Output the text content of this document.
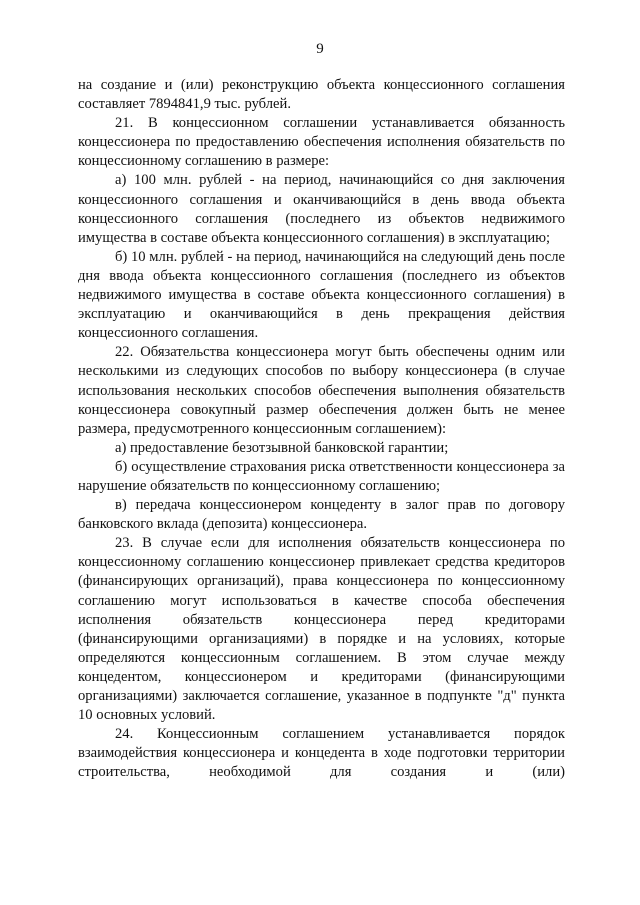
9

на создание и (или) реконструкцию объекта концессионного соглашения составляет 7894841,9 тыс. рублей.

21. В концессионном соглашении устанавливается обязанность концессионера по предоставлению обеспечения исполнения обязательств по концессионному соглашению в размере:

а) 100 млн. рублей - на период, начинающийся со дня заключения концессионного соглашения и оканчивающийся в день ввода объекта концессионного соглашения (последнего из объектов недвижимого имущества в составе объекта концессионного соглашения) в эксплуатацию;

б) 10 млн. рублей - на период, начинающийся на следующий день после дня ввода объекта концессионного соглашения (последнего из объектов недвижимого имущества в составе объекта концессионного соглашения) в эксплуатацию и оканчивающийся в день прекращения действия концессионного соглашения.

22. Обязательства концессионера могут быть обеспечены одним или несколькими из следующих способов по выбору концессионера (в случае использования нескольких способов обеспечения выполнения обязательств концессионера совокупный размер обеспечения должен быть не менее размера, предусмотренного концессионным соглашением):

а) предоставление безотзывной банковской гарантии;

б) осуществление страхования риска ответственности концессионера за нарушение обязательств по концессионному соглашению;

в) передача концессионером концеденту в залог прав по договору банковского вклада (депозита) концессионера.

23. В случае если для исполнения обязательств концессионера по концессионному соглашению концессионер привлекает средства кредиторов (финансирующих организаций), права концессионера по концессионному соглашению могут использоваться в качестве способа обеспечения исполнения обязательств концессионера перед кредиторами (финансирующими организациями) в порядке и на условиях, которые определяются концессионным соглашением. В этом случае между концедентом, концессионером и кредиторами (финансирующими организациями) заключается соглашение, указанное в подпункте "д" пункта 10 основных условий.

24. Концессионным соглашением устанавливается порядок взаимодействия концессионера и концедента в ходе подготовки территории строительства, необходимой для создания и (или)
